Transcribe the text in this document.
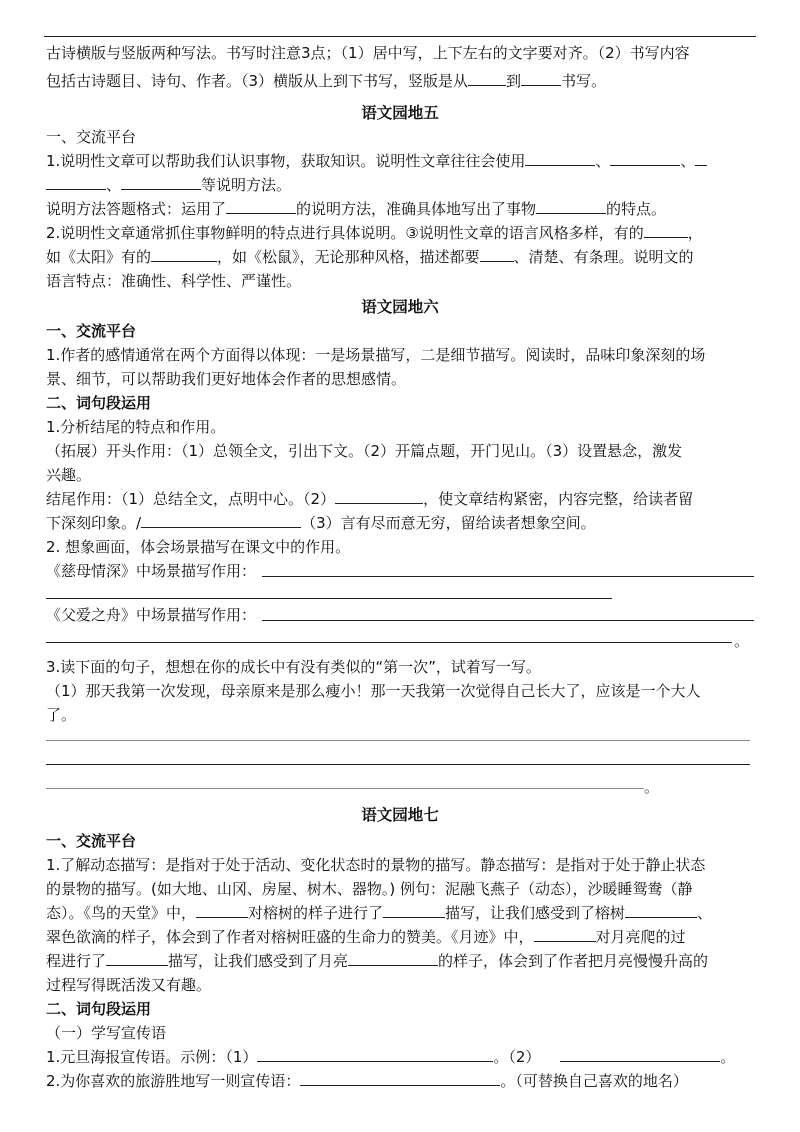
古诗横版与竖版两种写法。书写时注意3点；（1）居中写，上下左右的文字要对齐。（2）书写内容
包括古诗题目、诗句、作者。（3）横版从上到下书写，竖版是从	到	书写。
语文园地五
一、交流平台
1.说明性文章可以帮助我们认识事物，获取知识。说明性文章往往会使用	、	、
、	等说明方法。
说明方法答题格式：运用了	的说明方法，准确具体地写出了事物	的特点。
2.说明性文章通常抓住事物鲜明的特点进行具体说明。③说明性文章的语言风格多样，有的	，
如《太阳》有的	，如《松鼠》，无论那种风格，描述都要 、清楚、有条理。说明文的
语言特点：准确性、科学性、严谨性。
语文园地六
一、交流平台
1.作者的感情通常在两个方面得以体现：一是场景描写，二是细节描写。阅读时，品味印象深刻的场
景、细节，可以帮助我们更好地体会作者的思想感情。
二、词句段运用
1.分析结尾的特点和作用。
（拓展）开头作用：（1）总领全文，引出下文。（2）开篇点题，开门见山。（3）设置悬念，激发
兴趣。
结尾作用：（1）总结全文，点明中心。（2）	，使文章结构紧密，内容完整，给读者留
下深刻印象。/	（3）言有尽而意无穷，留给读者想象空间。
2. 想象画面，体会场景描写在课文中的作用。
《慈母情深》中场景描写作用：
《父爱之舟》中场景描写作用：
。
3.读下面的句子，想想在你的成长中有没有类似的“第一次”，试着写一写。
（1）那天我第一次发现，母亲原来是那么瘦小！那一天我第一次觉得自己长大了，应该是一个大人
了。
。
语文园地七
一、交流平台
1.了解动态描写：是指对于处于活动、变化状态时的景物的描写。静态描写：是指对于处于静止状态
的景物的描写。(如大地、山冈、房屋、树木、器物。) 例句：泥融飞燕子（动态），沙暖睡鸳鸯（静
态）。《鸟的天堂》中，	对榕树的样子进行了	描写，让我们感受到了榕树	、
翠色欲滴的样子，体会到了作者对榕树旺盛的生命力的赞美。《月迹》中，	对月亮爬的过
程进行了	描写，让我们感受到了月亮	的样子，体会到了作者把月亮慢慢升高的
过程写得既活泼又有趣。
二、词句段运用
（一）学写宣传语
1.元旦海报宣传语。示例：（1）	。（2）	。
2.为你喜欢的旅游胜地写一则宣传语：	。（可替换自己喜欢的地名）
